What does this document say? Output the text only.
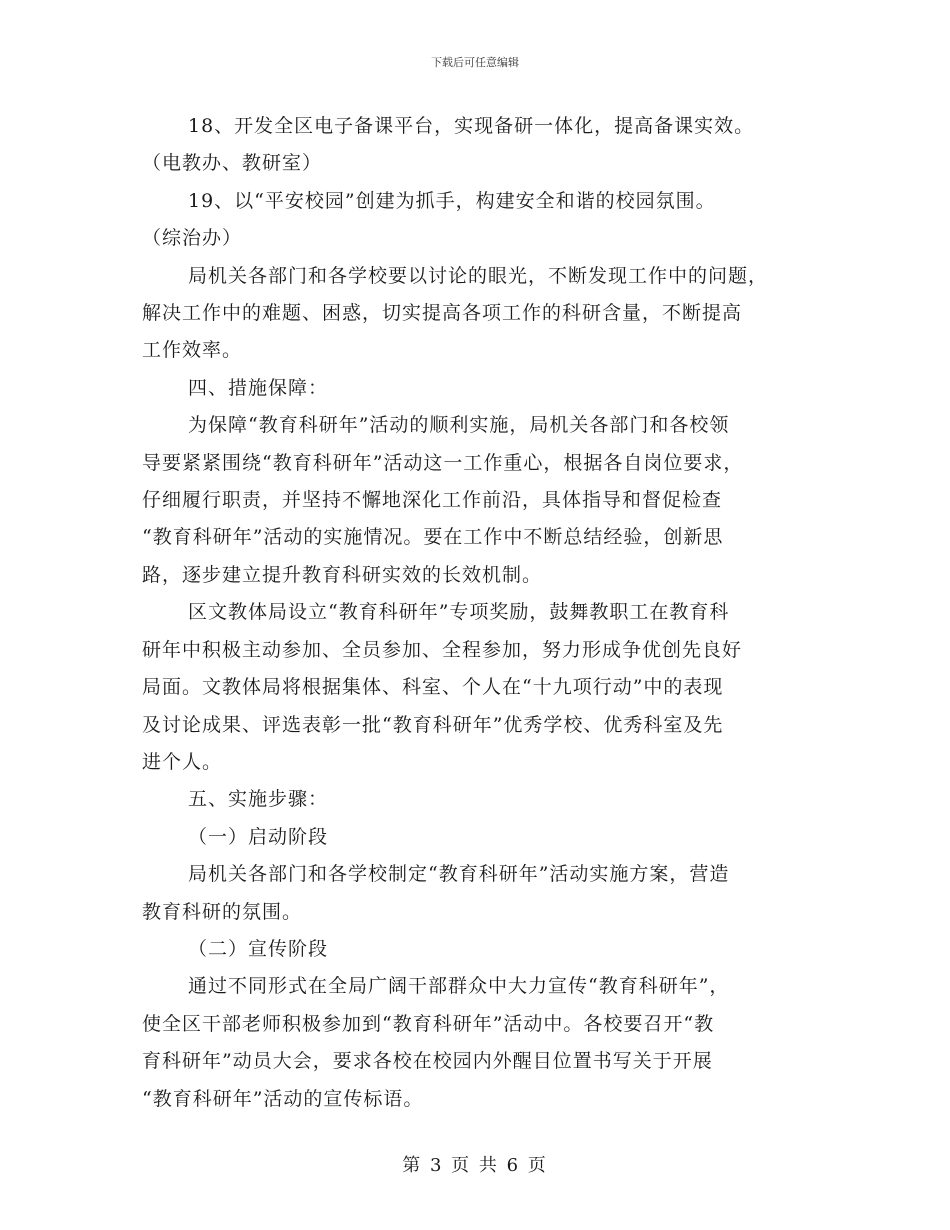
下载后可任意编辑
18、开发全区电子备课平台，实现备研一体化，提高备课实效。
（电教办、教研室）
19、以“平安校园”创建为抓手，构建安全和谐的校园氛围。
（综治办）
局机关各部门和各学校要以讨论的眼光，不断发现工作中的问题，
解决工作中的难题、困惑，切实提高各项工作的科研含量，不断提高
工作效率。
四、措施保障：
为保障“教育科研年”活动的顺利实施，局机关各部门和各校领
导要紧紧围绕“教育科研年”活动这一工作重心，根据各自岗位要求，
仔细履行职责，并坚持不懈地深化工作前沿，具体指导和督促检查
“教育科研年”活动的实施情况。要在工作中不断总结经验，创新思
路，逐步建立提升教育科研实效的长效机制。
区文教体局设立“教育科研年”专项奖励，鼓舞教职工在教育科
研年中积极主动参加、全员参加、全程参加，努力形成争优创先良好
局面。文教体局将根据集体、科室、个人在“十九项行动”中的表现
及讨论成果、评选表彰一批“教育科研年”优秀学校、优秀科室及先
进个人。
五、实施步骤：
（一）启动阶段
局机关各部门和各学校制定“教育科研年”活动实施方案，营造
教育科研的氛围。
（二）宣传阶段
通过不同形式在全局广阔干部群众中大力宣传“教育科研年”，
使全区干部老师积极参加到“教育科研年”活动中。各校要召开“教
育科研年”动员大会，要求各校在校园内外醒目位置书写关于开展
“教育科研年”活动的宣传标语。
第 3 页 共 6 页
